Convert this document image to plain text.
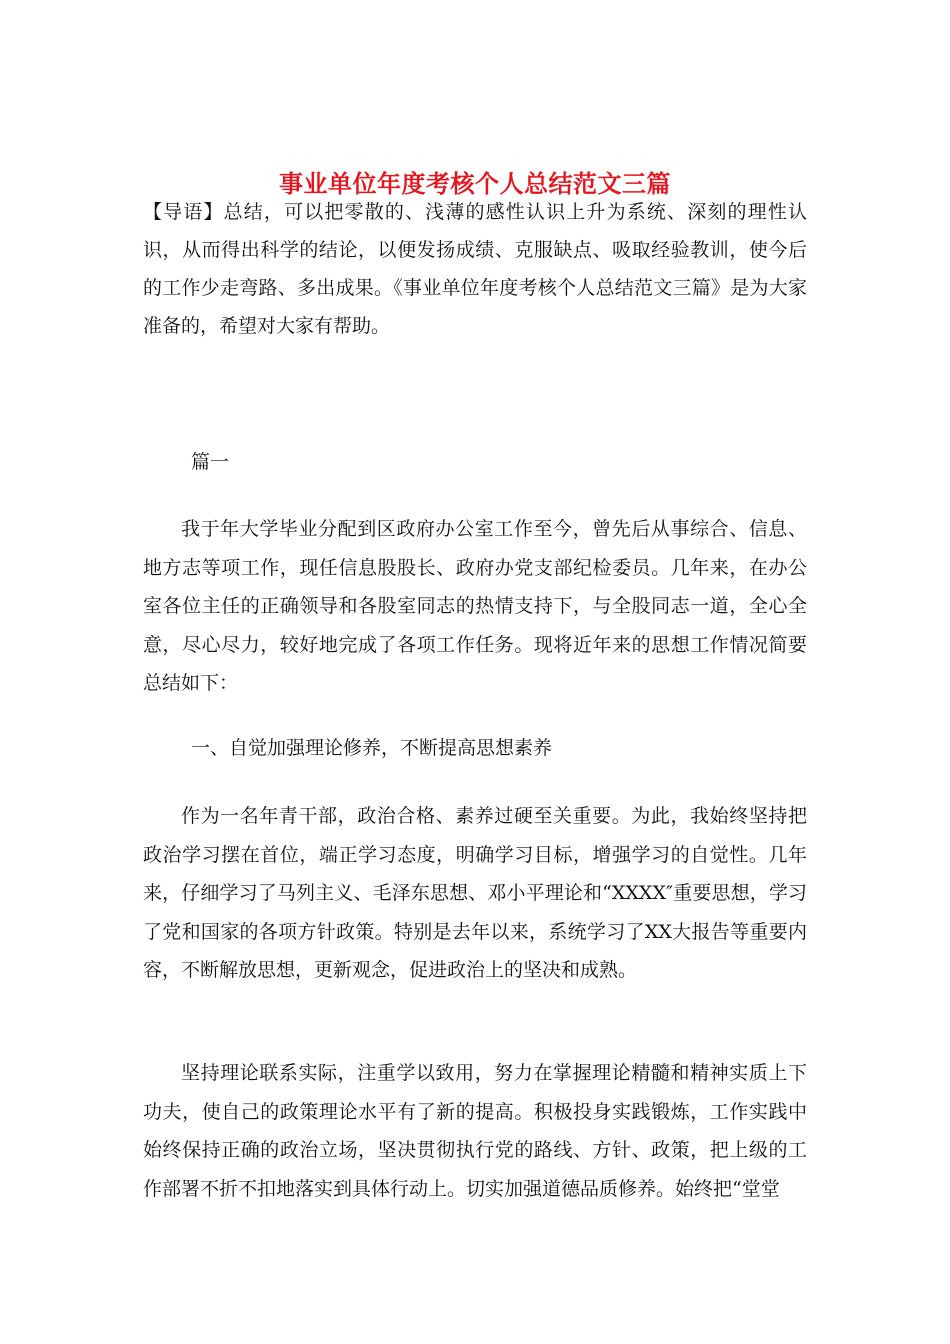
事业单位年度考核个人总结范文三篇

【导语】总结，可以把零散的、浅薄的感性认识上升为系统、深刻的理性认识，从而得出科学的结论，以便发扬成绩、克服缺点、吸取经验教训，使今后的工作少走弯路、多出成果。《事业单位年度考核个人总结范文三篇》是为大家准备的，希望对大家有帮助。

篇一

我于年大学毕业分配到区政府办公室工作至今，曾先后从事综合、信息、地方志等项工作，现任信息股股长、政府办党支部纪检委员。几年来，在办公室各位主任的正确领导和各股室同志的热情支持下，与全股同志一道，全心全意，尽心尽力，较好地完成了各项工作任务。现将近年来的思想工作情况简要总结如下：

一、自觉加强理论修养，不断提高思想素养

作为一名年青干部，政治合格、素养过硬至关重要。为此，我始终坚持把政治学习摆在首位，端正学习态度，明确学习目标，增强学习的自觉性。几年来，仔细学习了马列主义、毛泽东思想、邓小平理论和“XXXX″重要思想，学习了党和国家的各项方针政策。特别是去年以来，系统学习了XX大报告等重要内容，不断解放思想，更新观念，促进政治上的坚决和成熟。

坚持理论联系实际，注重学以致用，努力在掌握理论精髓和精神实质上下功夫，使自己的政策理论水平有了新的提高。积极投身实践锻炼，工作实践中始终保持正确的政治立场，坚决贯彻执行党的路线、方针、政策，把上级的工作部署不折不扣地落实到具体行动上。切实加强道德品质修养。始终把“堂堂
